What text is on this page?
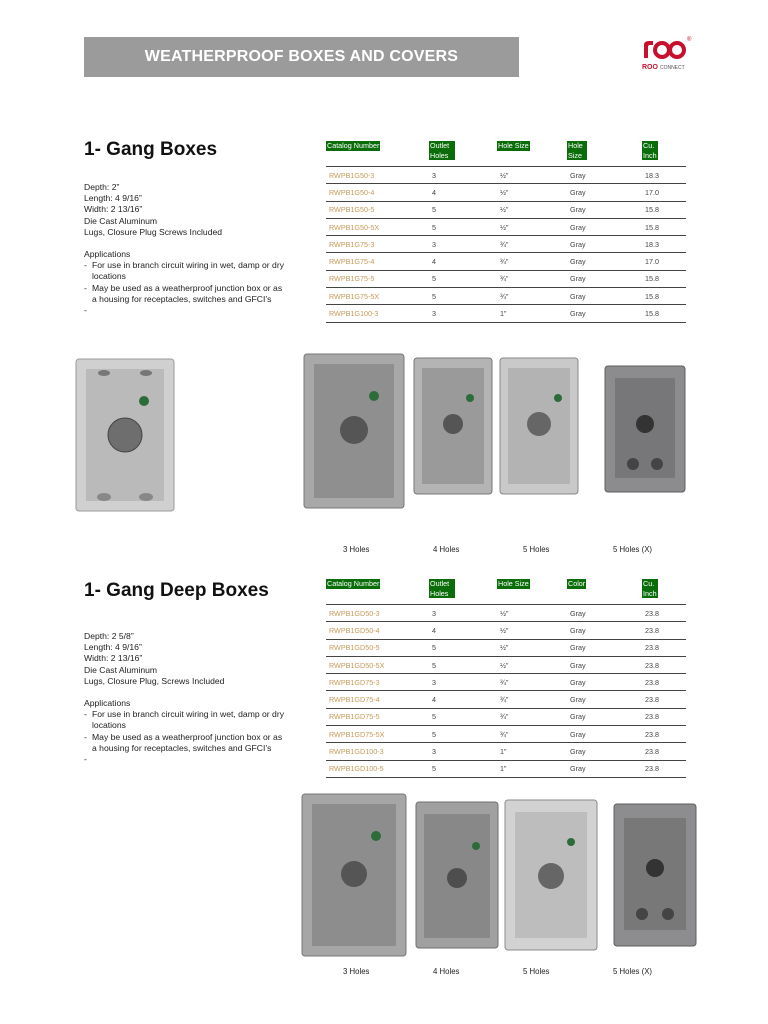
WEATHERPROOF BOXES AND COVERS
®
ROO CONNECT
1- Gang Boxes
Depth: 2”
Length: 4 9/16”
Width: 2 13/16”
Die Cast Aluminum
Lugs, Closure Plug Screws Included
Applications
- For use in branch circuit wiring in wet, damp or dry locations
- May be used as a weatherproof junction box or as a housing for receptacles, switches and GFCI’s
-
Catalog Number	Outlet Holes	Hole Size	Hole Size	Cu. Inch
RWPB1G50-3	3	½”	Gray	18.3
RWPB1G50-4	4	½”	Gray	17.0
RWPB1G50-5	5	½”	Gray	15.8
RWPB1G50-5X	5	½”	Gray	15.8
RWPB1G75-3	3	¾”	Gray	18.3
RWPB1G75-4	4	¾”	Gray	17.0
RWPB1G75-5	5	¾”	Gray	15.8
RWPB1G75-5X	5	¾”	Gray	15.8
RWPB1G100-3	3	1”	Gray	15.8
3 Holes	4 Holes	5 Holes	5 Holes (X)
1- Gang Deep Boxes
Depth: 2 5/8”
Length: 4 9/16”
Width: 2 13/16”
Die Cast Aluminum
Lugs, Closure Plug, Screws Included
Applications
- For use in branch circuit wiring in wet, damp or dry locations
- May be used as a weatherproof junction box or as a housing for receptacles, switches and GFCI’s
-
Catalog Number	Outlet Holes	Hole Size	Color	Cu. Inch
RWPB1GD50-3	3	½”	Gray	23.8
RWPB1GD50-4	4	½”	Gray	23.8
RWPB1GD50-5	5	½”	Gray	23.8
RWPB1GD50-5X	5	½”	Gray	23.8
RWPB1GD75-3	3	¾”	Gray	23.8
RWPB1GD75-4	4	¾”	Gray	23.8
RWPB1GD75-5	5	¾”	Gray	23.8
RWPB1GD75-5X	5	¾”	Gray	23.8
RWPB1GD100-3	3	1”	Gray	23.8
RWPB1GD100-5	5	1”	Gray	23.8
3 Holes	4 Holes	5 Holes	5 Holes (X)
